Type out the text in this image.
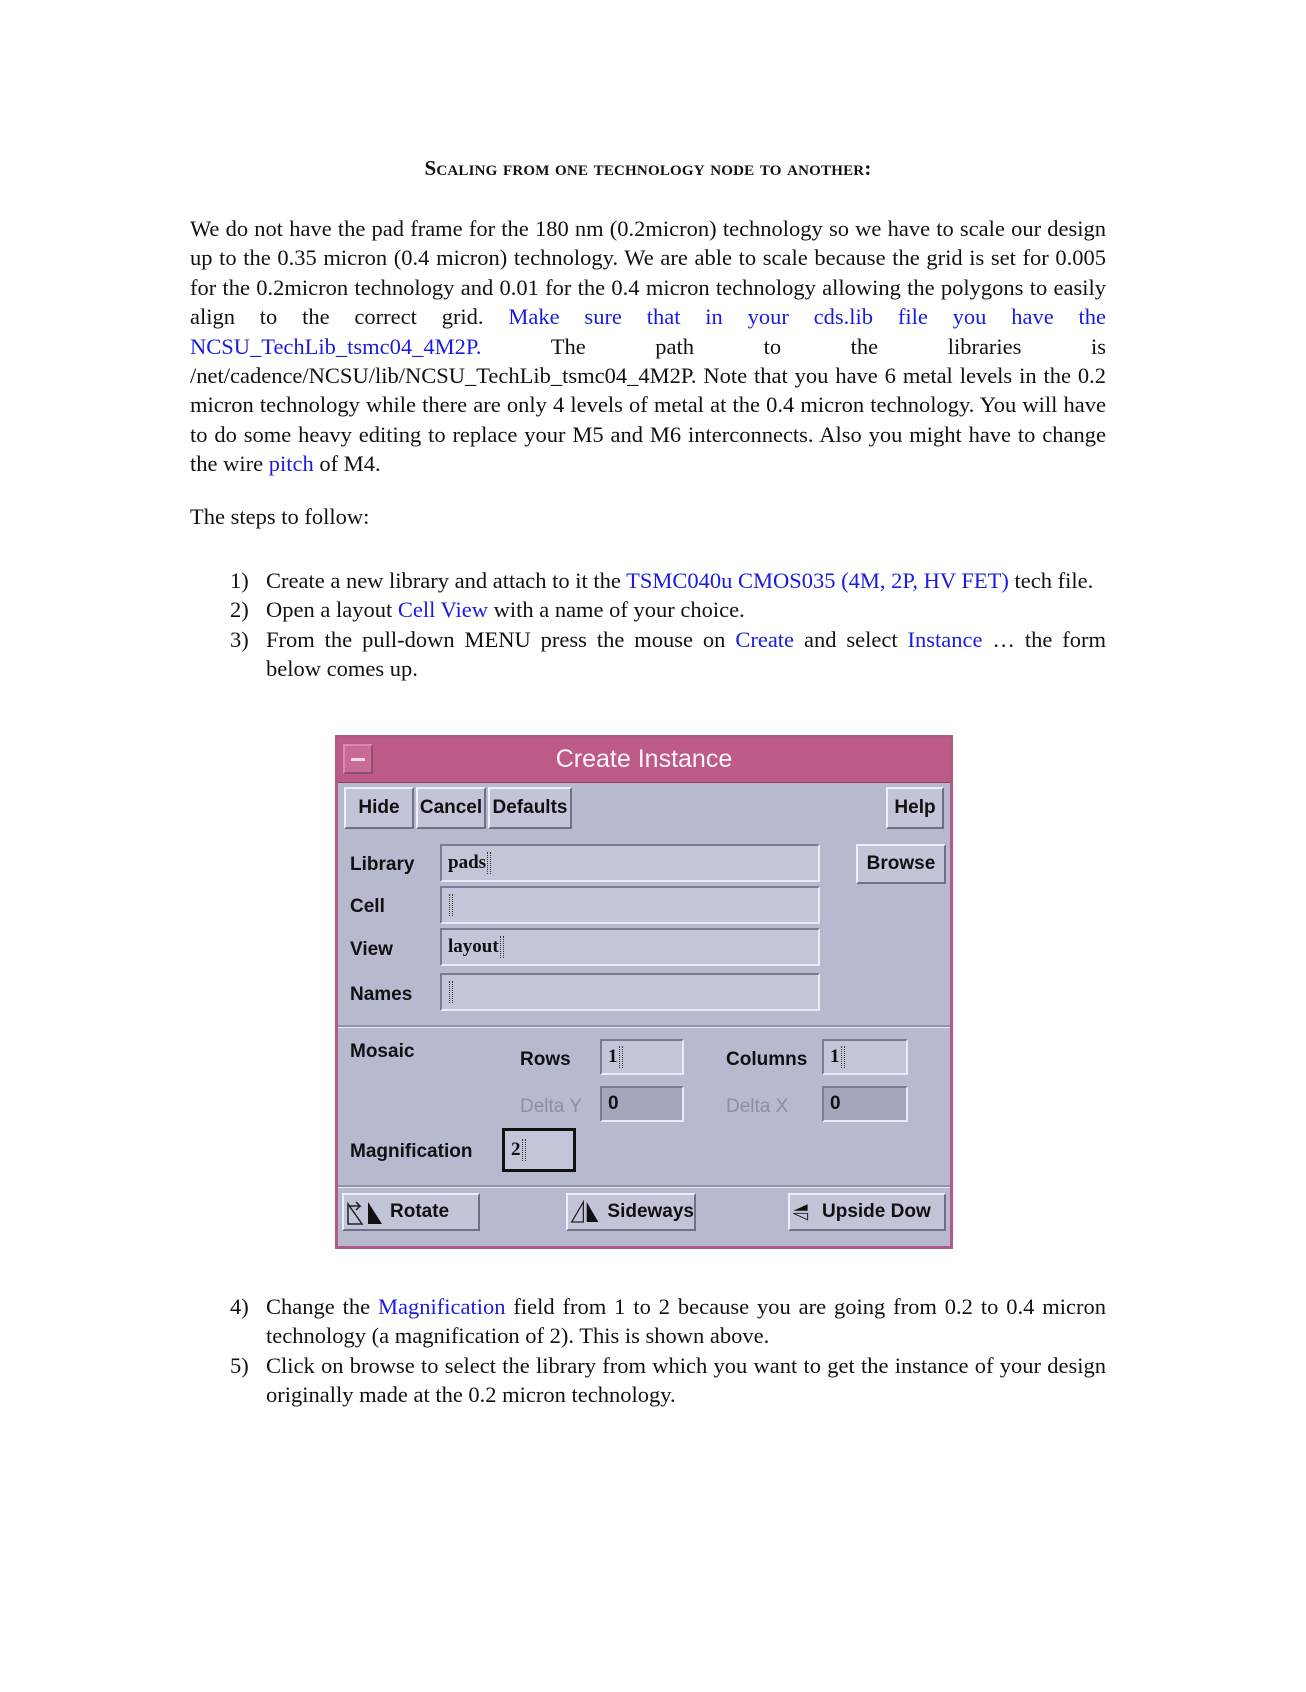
Scaling from one technology node to another:

We do not have the pad frame for the 180 nm (0.2micron) technology so we have to scale our design up to the 0.35 micron (0.4 micron) technology. We are able to scale because the grid is set for 0.005 for the 0.2micron technology and 0.01 for the 0.4 micron technology allowing the polygons to easily align to the correct grid. Make sure that in your cds.lib file you have the NCSU_TechLib_tsmc04_4M2P. The path to the libraries is /net/cadence/NCSU/lib/NCSU_TechLib_tsmc04_4M2P. Note that you have 6 metal levels in the 0.2 micron technology while there are only 4 levels of metal at the 0.4 micron technology. You will have to do some heavy editing to replace your M5 and M6 interconnects. Also you might have to change the wire pitch of M4.

The steps to follow:

1) Create a new library and attach to it the TSMC040u CMOS035 (4M, 2P, HV FET) tech file.
2) Open a layout Cell View with a name of your choice.
3) From the pull-down MENU press the mouse on Create and select Instance … the form below comes up.
Create Instance
Hide	Cancel Defaults	Help
Library pads	Browse
Cell
View	layout
Names
Mosaic	Rows 1	Columns 1
Delta Y	0	Delta X	0
Magnification 2
Rotate	Sideways	Upside Dow
4) Change the Magnification field from 1 to 2 because you are going from 0.2 to 0.4 micron technology (a magnification of 2). This is shown above.
5) Click on browse to select the library from which you want to get the instance of your design originally made at the 0.2 micron technology.
